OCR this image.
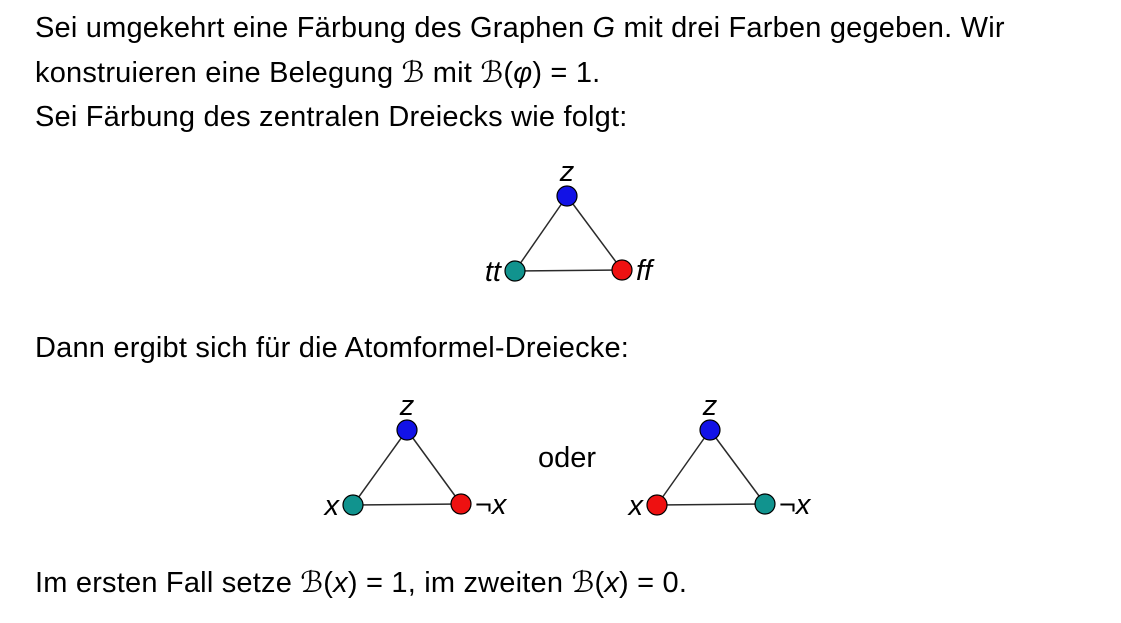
z
tt	ff
z
x	¬x
z
x	¬x
Sei umgekehrt eine Färbung des Graphen G mit drei Farben gegeben. Wir
konstruieren eine Belegung ℬ mit ℬ(φ) = 1.
Sei Färbung des zentralen Dreiecks wie folgt:
Dann ergibt sich für die Atomformel-Dreiecke:
oder
Im ersten Fall setze ℬ(x) = 1, im zweiten ℬ(x) = 0.
